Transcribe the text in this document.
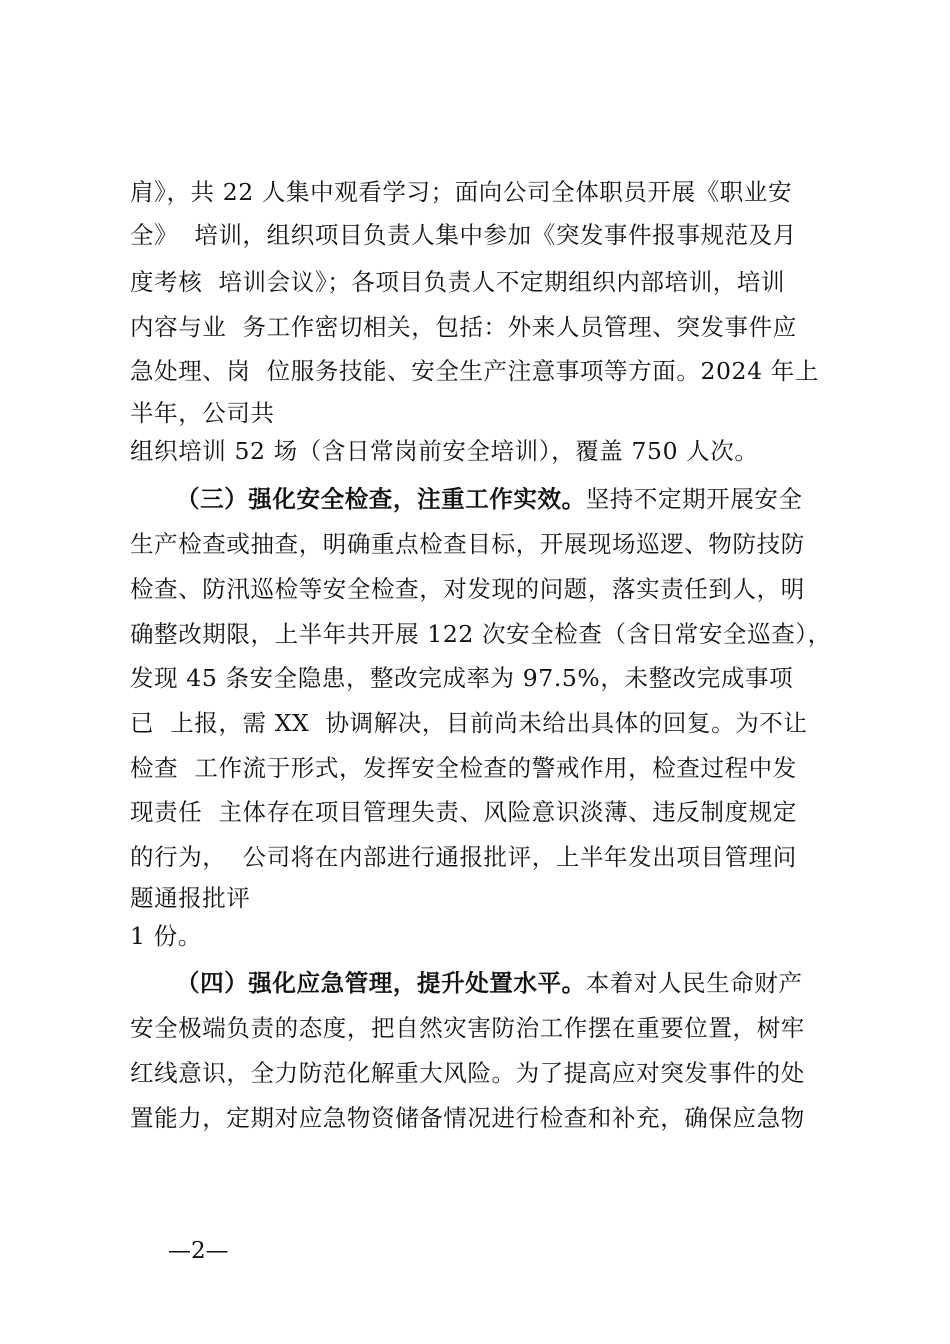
肩》，共 22 人集中观看学习；面向公司全体职员开展《职业安
全》  培训，组织项目负责人集中参加《突发事件报事规范及月
度考核  培训会议》；各项目负责人不定期组织内部培训，培训
内容与业  务工作密切相关，包括：外来人员管理、突发事件应
急处理、岗  位服务技能、安全生产注意事项等方面。2024 年上
半年，公司共
组织培训 52 场（含日常岗前安全培训），覆盖 750 人次。
（三）强化安全检查，注重工作实效。坚持不定期开展安全
生产检查或抽查，明确重点检查目标，开展现场巡逻、物防技防
检查、防汛巡检等安全检查，对发现的问题，落实责任到人，明
确整改期限，上半年共开展 122 次安全检查（含日常安全巡查），
发现 45 条安全隐患，整改完成率为 97.5%，未整改完成事项
已  上报，需 XX  协调解决，目前尚未给出具体的回复。为不让
检查  工作流于形式，发挥安全检查的警戒作用，检查过程中发
现责任  主体存在项目管理失责、风险意识淡薄、违反制度规定
的行为，  公司将在内部进行通报批评，上半年发出项目管理问
题通报批评
1 份。
（四）强化应急管理，提升处置水平。本着对人民生命财产
安全极端负责的态度，把自然灾害防治工作摆在重要位置，树牢
红线意识，全力防范化解重大风险。为了提高应对突发事件的处
置能力，定期对应急物资储备情况进行检查和补充，确保应急物
—2—
